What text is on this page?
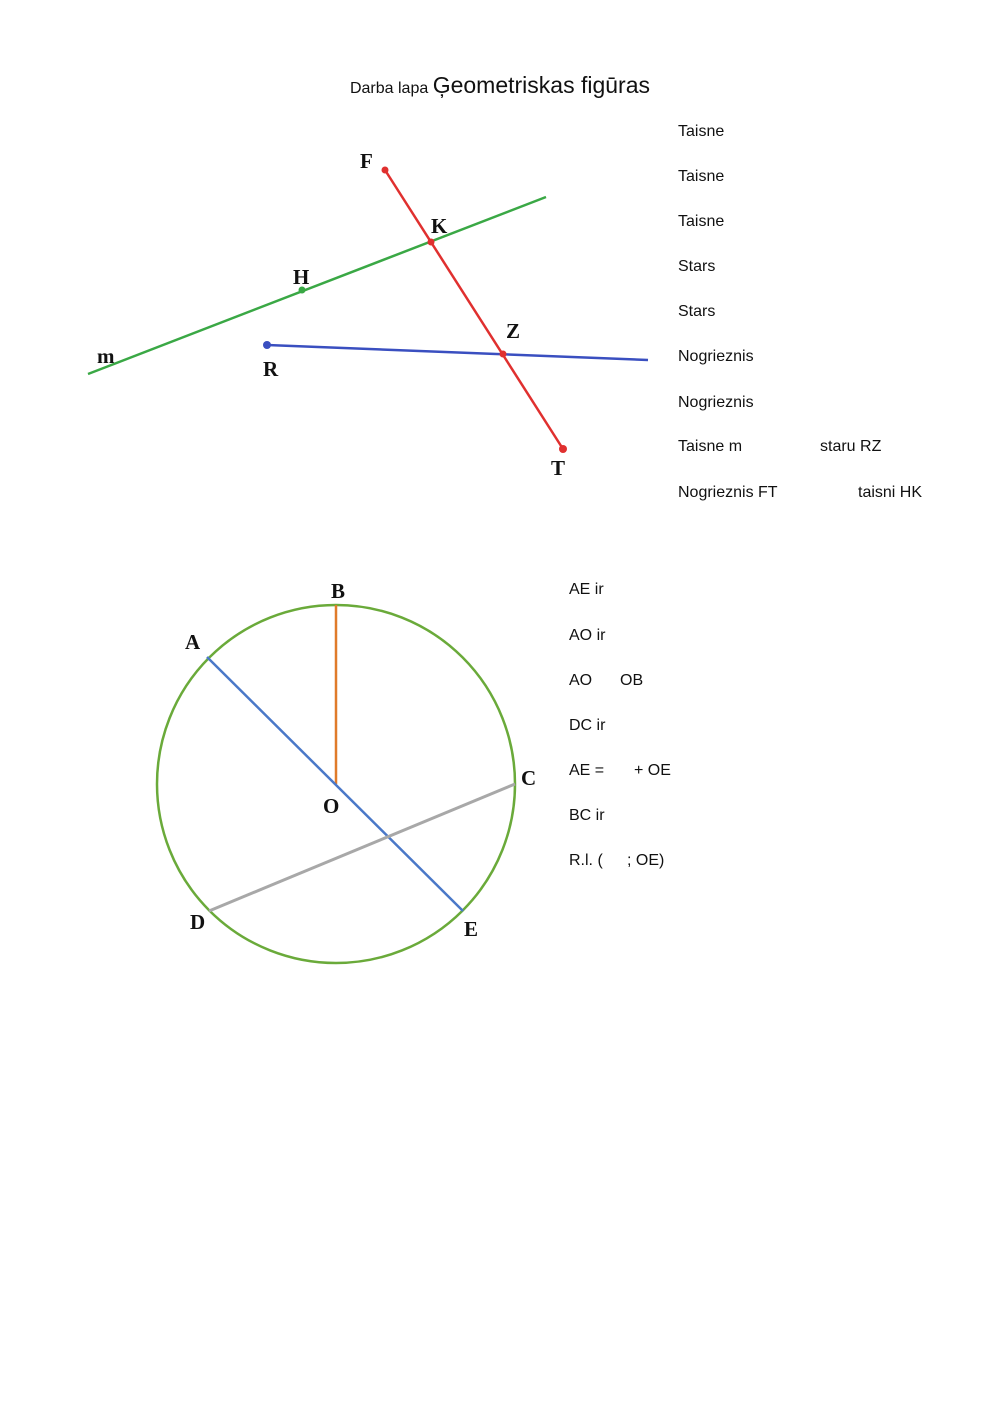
Darba lapa Ģeometriskas figūras
F
K
H
Z
m
R
T
B
A
O
C
D	E
Taisne
Taisne
Taisne
Stars
Stars
Nogrieznis
Nogrieznis
Taisne m	staru RZ
Nogrieznis FT	taisni HK
AE ir
AO ir
AO OB
DC ir
AE = + OE
BC ir
R.l. ( ; OE)
